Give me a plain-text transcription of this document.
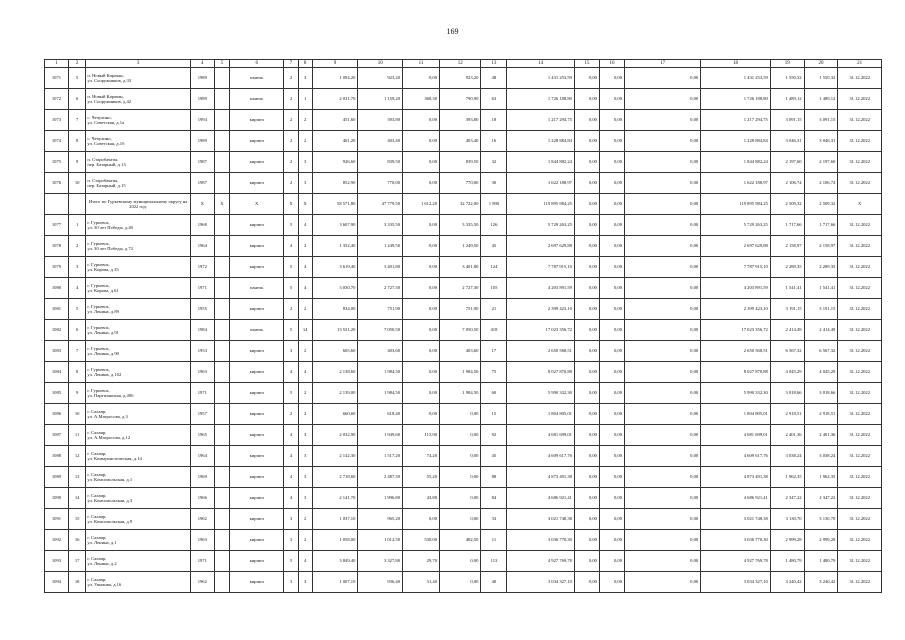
169
1	2	3	4	5	6	7	8	9	10	11	12	13	14	15	16	17	18	19	20	21
1071	5	п. Новый Карачан,
ул. Сооружников, д.33	1989		панель	2	3	1 094,20	923,20	0,00	923,20	48	1 431 253,59	0,00	0,00	0,00	1 431 253,59	1 550,32	1 550,32	31.12.2022
1072	6	п. Новый Карачан,
ул. Сооружников, д.42	1989		панель	2	1	2 031,70	1 159,20	368,30	790,90	63	1 726 188,80	0,00	0,00	0,00	1 726 188,80	1 489,12	1 489,12	31.12.2022
1073	7	с. Чечулино,
ул. Советская, д.1а	1994		кирпич	2	2	451,60	393,80	0,00	393,80	18	1 217 294,75	0,00	0,00	0,00	1 217 294,75	3 091,15	3 091,15	31.12.2022
1074	8	с. Чечулино,
ул. Советская, д.1б	1989		кирпич	2	2	461,20	403,40	0,00	403,40	16	1 228 884,84	0,00	0,00	0,00	1 228 884,84	3 046,31	3 046,31	31.12.2022
1075	9	п. Старобачаты,
пер. Базарный, д.13	1987		кирпич	2	3	926,60	839,50	0,00	839,50	32	1 844 882,24	0,00	0,00	0,00	1 844 882,24	2 197,60	2 197,60	31.12.2022
1076	10	п. Старобачаты,
пер. Базарный, д.15	1987		кирпич	2	3	852,90	770,00	0,00	770,00	30	1 622 188,97	0,00	0,00	0,00	1 622 188,97	2 106,74	2 106,74	31.12.2022
		Итого по Гурьевскому муниципальному округу на 2022 год:	X	X	X	X	X	58 571,80	47 779,50	1 612,20	32 722,00	1 890	119 895 984,25	0,00	0,00	0,00	119 895 984,25	2 509,32	2 509,32	X
1077	1	г. Гурьевск,
ул. 30 лет Победы, д.40	1968		кирпич	5	4	3 607,90	3 335,50	0,00	3 335,50	126	5 729 263,25	0,00	0,00	0,00	5 729 263,25	1 717,66	1 717,66	31.12.2022
1078	2	г. Гурьевск,
ул. 30 лет Победы, д.72	1964		кирпич	4	2	1 352,40	1 249,50	0,00	1 249,50	45	2 697 629,88	0,00	0,00	0,00	2 697 629,88	2 158,97	2 158,97	31.12.2022
1079	3	г. Гурьевск,
ул. Кирова, д.35	1972		кирпич	5	4	3 619,40	3 401,80	0,00	3 401,80	124	7 787 915,10	0,00	0,00	0,00	7 787 915,10	2 289,35	2 289,35	31.12.2022
1080	4	г. Гурьевск,
ул. Кирова, д.61	1971		панель	5	4	3 030,70	2 727,30	0,00	2 727,30	105	4 203 891,59	0,00	0,00	0,00	4 203 891,59	1 541,41	1 541,41	31.12.2022
1081	5	г. Гурьевск,
ул. Ленина, д.89	1955		кирпич	2	2	834,00	751,90	0,00	751,90	21	2 399 423,10	0,00	0,00	0,00	2 399 423,10	3 191,15	3 191,15	31.12.2022
1082	6	г. Гурьевск,
ул. Ленина, д.91	1984		панель	5	14	13 531,20	7 050,50	0,00	7 050,50	418	17 023 356,72	0,00	0,00	0,00	17 023 356,72	2 414,49	2 414,49	31.12.2022
1083	7	г. Гурьевск,
ул. Ленина, д.90	1953		кирпич	3	2	605,60	403,60	0,00	403,60	17	2 650 568,51	0,00	0,00	0,00	2 650 568,51	6 567,32	6 567,32	31.12.2022
1084	8	г. Гурьевск,
ул. Ленина, д.102	1963		кирпич	4	4	2 138,60	1 984,50	0,00	1 984,50	75	8 027 870,88	0,00	0,00	0,00	8 027 870,88	4 045,29	4 045,29	31.12.2022
1085	9	г. Гурьевск,
ул. Партизанская, д.49б	1971		кирпич	5	2	2 139,00	1 984,50	0,00	1 984,50	60	5 990 332,30	0,00	0,00	0,00	5 990 332,30	3 018,66	3 018,66	31.12.2022
1086	10	г. Салаир,
ул. А.Матросова, д.3	1957		кирпич	2	2	660,60	618,40	0,00	0,00	15	1 804 805,01	0,00	0,00	0,00	1 804 805,01	2 918,51	2 918,51	31.12.2022
1087	11	г. Салаир,
ул. А.Матросова, д.12	1965		кирпич	4	3	2 032,90	1 949,60	115,90	0,00	92	4 681 699,01	0,00	0,00	0,00	4 681 699,01	2 401,36	2 401,36	31.12.2022
1088	12	г. Салаир,
ул. Коммунистическая, д.14	1964		кирпич	4	3	2 142,30	1 517,20	74,20	0,00	45	4 609 617,76	0,00	0,00	0,00	4 609 617,76	3 038,24	3 038,24	31.12.2022
1089	13	г. Салаир,
ул. Комсомольская, д.1	1969		кирпич	4	3	2 718,60	2 487,50	55,20	0,00	88	4 873 491,38	0,00	0,00	0,00	4 873 491,38	1 962,35	1 962,35	31.12.2022
1090	14	г. Салаир,
ул. Комсомольская, д.3	1966		кирпич	4	3	2 141,70	1 996,80	43,80	0,00	84	4 686 921,41	0,00	0,00	0,00	4 686 921,41	2 347,22	2 347,22	31.12.2022
1091	15	г. Салаир,
ул. Комсомольская, д.9	1962		кирпич	3	2	1 037,10	965,20	0,00	0,00	33	3 021 748,38	0,00	0,00	0,00	3 021 748,38	3 130,70	3 130,70	31.12.2022
1092	16	г. Салаир,
ул. Ленина, д.1	1963		кирпич	3	2	1 058,00	1 012,50	530,00	482,50	11	3 036 770,30	0,00	0,00	0,00	3 036 770,30	2 999,28	2 999,28	31.12.2022
1093	17	г. Салаир,
ул. Ленина, д.2	1971		кирпич	5	4	3 849,40	3 327,80	29,70	0,00	113	4 927 769,78	0,00	0,00	0,00	4 927 769,78	1 480,79	1 480,79	31.12.2022
1094	18	г. Салаир,
ул. Ушакова, д.16	1962		кирпич	3	3	1 007,10	936,40	31,40	0,00	40	3 034 327,10	0,00	0,00	0,00	3 034 327,10	3 240,42	3 240,42	31.12.2022
